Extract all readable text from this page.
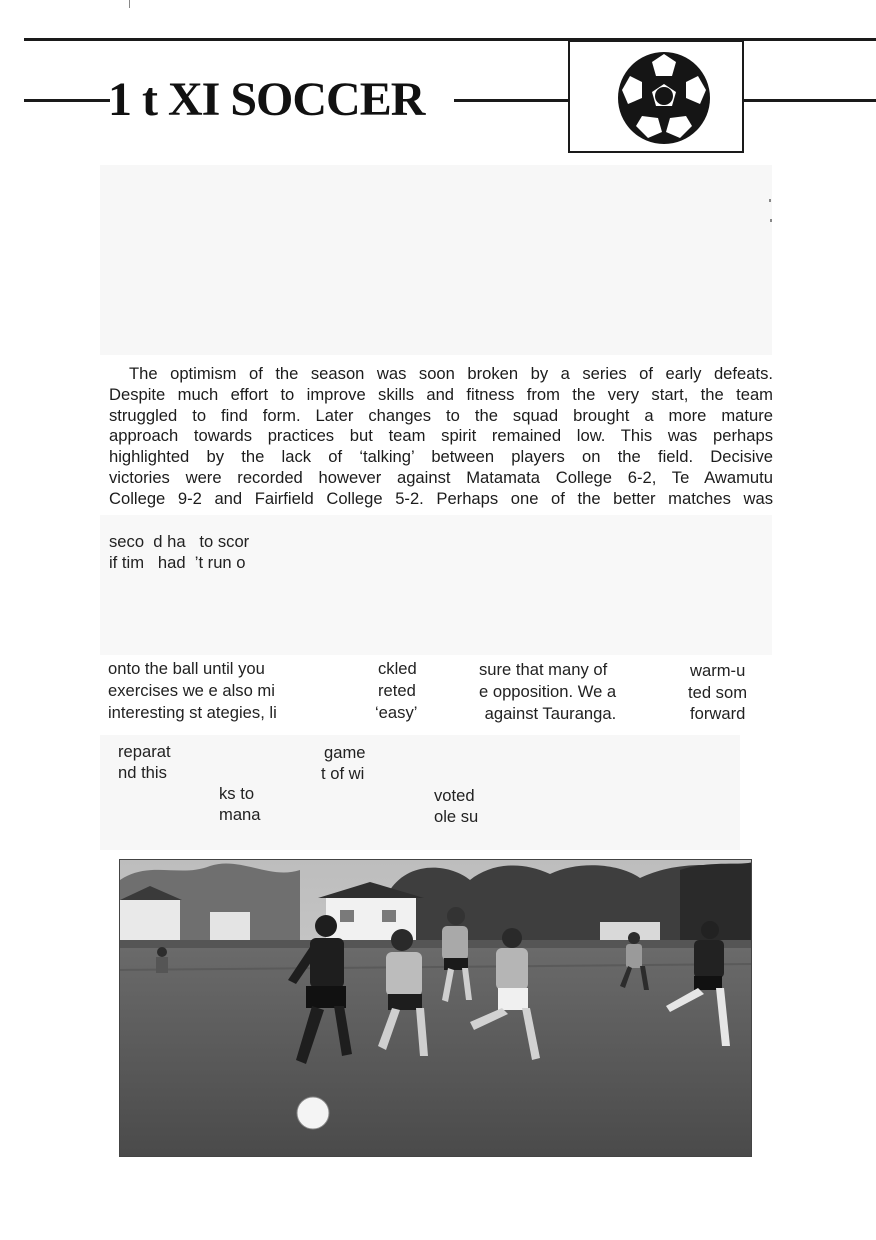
1 t XI SOCCER
The optimism of the season was soon broken by a series of early defeats.
Despite much effort to improve skills and fitness from the very start, the team
struggled to find form. Later changes to the squad brought a more mature
approach towards practices but team spirit remained low. This was perhaps
highlighted by the lack of ‘talking’ between players on the field. Decisive
victories were recorded however against Matamata College 6-2, Te Awamutu
College 9-2 and Fairfield College 5-2. Perhaps one of the better matches was
seco  d ha   to scor
if tim   had  ’t run o
onto the ball until you
exercises we e also mi
interesting st ategies, li
ckled
reted
‘easy’
sure that many of
e opposition. We a
against Tauranga.
warm-u
ted som
forward
reparat
nd this
game
t of wi
ks to
mana
voted
ole su
